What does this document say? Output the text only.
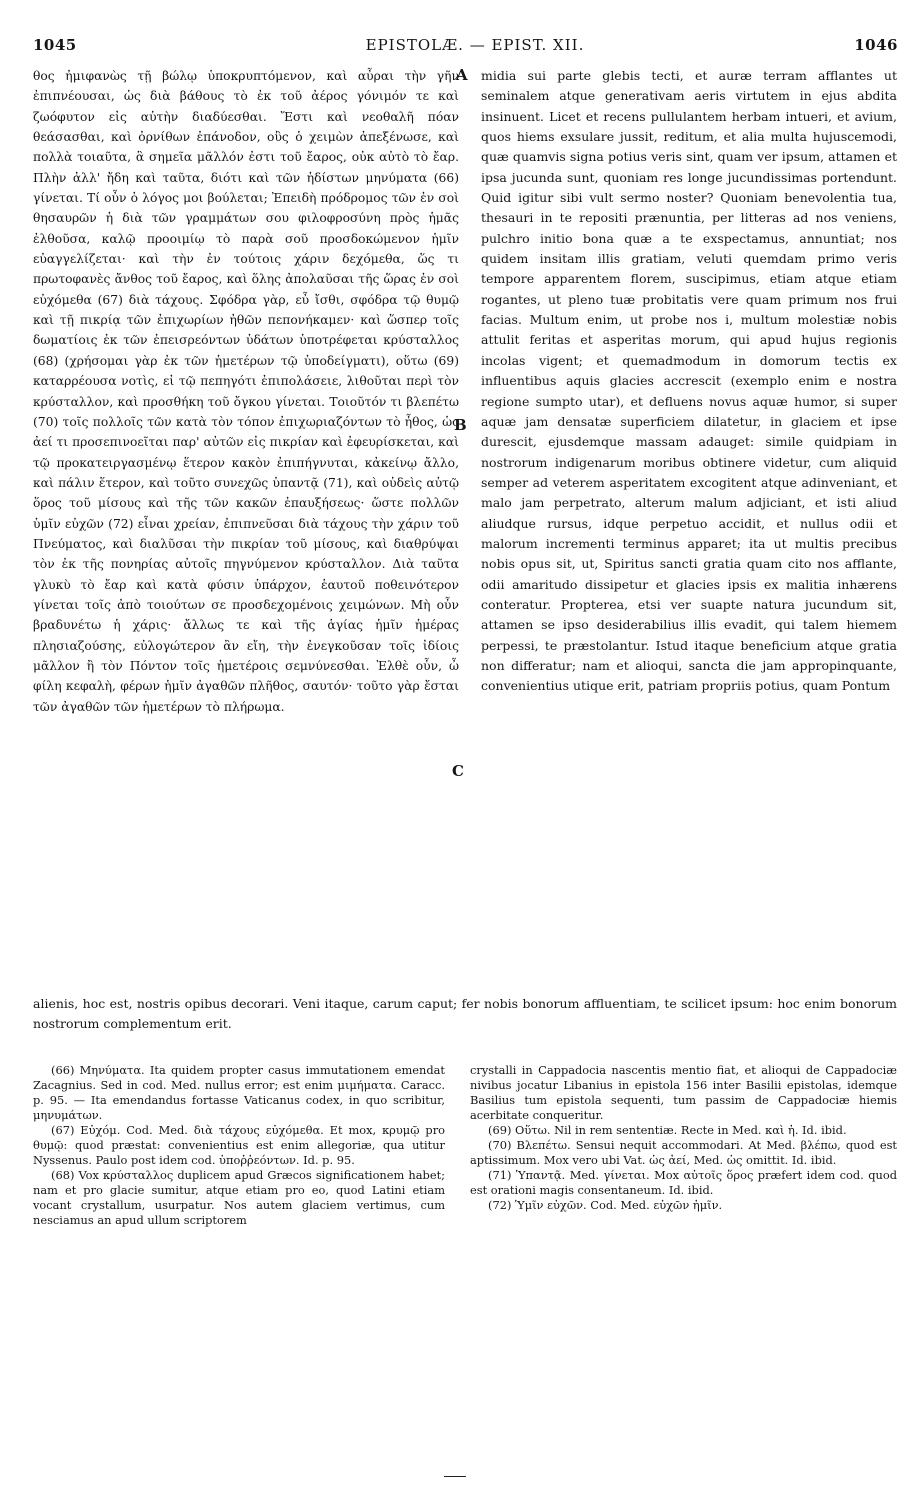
1045	EPISTOLÆ. — EPIST. XII.	1046

θος ἠμιφανὼς τῇ βώλῳ ὑποκρυπτόμενον, καὶ αὖραι τὴν γῆν ἐπιπνέουσαι, ὡς διὰ βάθους τὸ ἐκ τοῦ ἀέρος γόνιμόν τε καὶ ζωόφυτον εἰς αὐτὴν διαδύεσθαι. Ἔστι καὶ νεοθαλῆ πόαν θεάσασθαι, καὶ ὀρνίθων ἐπάνοδον, οὓς ὁ χειμὼν ἀπεξένωσε, καὶ πολλὰ τοιαῦτα, ἃ σημεῖα μᾶλλόν ἐστι τοῦ ἔαρος, οὐκ αὐτὸ τὸ ἔαρ. Πλὴν ἀλλ' ἤδη καὶ ταῦτα, διότι καὶ τῶν ἡδίστων μηνύματα (66) γίνεται. Τί οὖν ὁ λόγος μοι βούλεται; Ἐπειδὴ πρόδρομος τῶν ἐν σοὶ θησαυρῶν ἡ διὰ τῶν γραμμάτων σου φιλοφροσύνη πρὸς ἡμᾶς ἐλθοῦσα, καλῷ προοιμίῳ τὸ παρὰ σοῦ προσδοκώμενον ἡμῖν εὐαγγελίζεται· καὶ τὴν ἐν τούτοις χάριν δεχόμεθα, ὥς τι πρωτοφανὲς ἄνθος τοῦ ἔαρος, καὶ ὅλης ἀπολαῦσαι τῆς ὥρας ἐν σοὶ εὐχόμεθα (67) διὰ τάχους. Σφόδρα γὰρ, εὖ ἴσθι, σφόδρα τῷ θυμῷ καὶ τῇ πικρίᾳ τῶν ἐπιχωρίων ἠθῶν πεπονήκαμεν· καὶ ὥσπερ τοῖς δωματίοις ἐκ τῶν ἐπεισρεόντων ὑδάτων ὑποτρέφεται κρύσταλλος (68) (χρήσομαι γὰρ ἐκ τῶν ἡμετέρων τῷ ὑποδείγματι), οὕτω (69) καταρρέουσα νοτὶς, εἰ τῷ πεπηγότι ἐπιπολάσειε, λιθοῦται περὶ τὸν κρύσταλλον, καὶ προσθήκη τοῦ ὄγκου γίνεται. Τοιοῦτόν τι βλεπέτω (70) τοῖς πολλοῖς τῶν κατὰ τὸν τόπον ἐπιχωριαζόντων τὸ ἦθος, ὡς ἀεί τι προσεπινοεῖται παρ' αὐτῶν εἰς πικρίαν καὶ ἐφευρίσκεται, καὶ τῷ προκατειργασμένῳ ἕτερον κακὸν ἐπιπήγνυται, κἀκείνῳ ἄλλο, καὶ πάλιν ἕτερον, καὶ τοῦτο συνεχῶς ὑπαντᾷ (71), καὶ οὐδεὶς αὐτῷ ὅρος τοῦ μίσους καὶ τῆς τῶν κακῶν ἐπαυξήσεως· ὥστε πολλῶν ὑμῖν εὐχῶν (72) εἶναι χρείαν, ἐπιπνεῦσαι διὰ τάχους τὴν χάριν τοῦ Πνεύματος, καὶ διαλῦσαι τὴν πικρίαν τοῦ μίσους, καὶ διαθρύψαι τὸν ἐκ τῆς πονηρίας αὐτοῖς πηγνύμενον κρύσταλλον. Διὰ ταῦτα γλυκὺ τὸ ἔαρ καὶ κατὰ φύσιν ὑπάρχον, ἑαυτοῦ ποθεινότερον γίνεται τοῖς ἀπὸ τοιούτων σε προσδεχομένοις χειμώνων. Μὴ οὖν βραδυνέτω ἡ χάρις· ἄλλως τε καὶ τῆς ἁγίας ἡμῖν ἡμέρας πλησιαζούσης, εὐλογώτερον ἂν εἴη, τὴν ἐνεγκοῦσαν τοῖς ἰδίοις μᾶλλον ἢ τὸν Πόντον τοῖς ἡμετέροις σεμνύνεσθαι. Ἐλθὲ οὖν, ὦ φίλη κεφαλὴ, φέρων ἡμῖν ἀγαθῶν πλῆθος, σαυτόν· τοῦτο γὰρ ἔσται τῶν ἀγαθῶν τῶν ἡμετέρων τὸ πλήρωμα.

A
B
C

midia sui parte glebis tecti, et auræ terram afflantes ut seminalem atque generativam aeris virtutem in ejus abdita insinuent. Licet et recens pullulantem herbam intueri, et avium, quos hiems exsulare jussit, reditum, et alia multa hujuscemodi, quæ quamvis signa potius veris sint, quam ver ipsum, attamen et ipsa jucunda sunt, quoniam res longe jucundissimas portendunt. Quid igitur sibi vult sermo noster? Quoniam benevolentia tua, thesauri in te repositi prænuntia, per litteras ad nos veniens, pulchro initio bona quæ a te exspectamus, annuntiat; nos quidem insitam illis gratiam, veluti quemdam primo veris tempore apparentem florem, suscipimus, etiam atque etiam rogantes, ut pleno tuæ probitatis vere quam primum nos frui facias. Multum enim, ut probe nos i, multum molestiæ nobis attulit feritas et asperitas morum, qui apud hujus regionis incolas vigent; et quemadmodum in domorum tectis ex influentibus aquis glacies accrescit (exemplo enim e nostra regione sumpto utar), et defluens novus aquæ humor, si super aquæ jam densatæ superficiem dilatetur, in glaciem et ipse durescit, ejusdemque massam adauget: simile quidpiam in nostrorum indigenarum moribus obtinere videtur, cum aliquid semper ad veterem asperitatem excogitent atque adinveniant, et malo jam perpetrato, alterum malum adjiciant, et isti aliud aliudque rursus, idque perpetuo accidit, et nullus odii et malorum incrementi terminus apparet; ita ut multis precibus nobis opus sit, ut, Spiritus sancti gratia quam cito nos afflante, odii amaritudo dissipetur et glacies ipsis ex malitia inhærens conteratur. Propterea, etsi ver suapte natura jucundum sit, attamen se ipso desiderabilius illis evadit, qui talem hiemem perpessi, te præstolantur. Istud itaque beneficium atque gratia non differatur; nam et alioqui, sancta die jam appropinquante, convenientius utique erit, patriam propriis potius, quam Pontum

alienis, hoc est, nostris opibus decorari. Veni itaque, carum caput; fer nobis bonorum affluentiam, te scilicet ipsum: hoc enim bonorum nostrorum complementum erit.

(66) Μηνύματα. Ita quidem propter casus immutationem emendat Zacagnius. Sed in cod. Med. nullus error; est enim μιμήματα. Caracc. p. 95. — Ita emendandus fortasse Vaticanus codex, in quo scribitur, μηνυμάτων.

(67) Εὐχόμ. Cod. Med. διὰ τάχους εὐχόμεθα. Et mox, κρυμῷ pro θυμῷ: quod præstat: convenientius est enim allegoriæ, qua utitur Nyssenus. Paulo post idem cod. ὑποῤῥεόντων. Id. p. 95.

(68) Vox κρύσταλλος duplicem apud Græcos significationem habet; nam et pro glacie sumitur, atque etiam pro eo, quod Latini etiam vocant crystallum, usurpatur. Nos autem glaciem vertimus, cum nesciamus an apud ullum scriptorem

crystalli in Cappadocia nascentis mentio fiat, et alioqui de Cappadociæ nivibus jocatur Libanius in epistola 156 inter Basilii epistolas, idemque Basilius tum epistola sequenti, tum passim de Cappadociæ hiemis acerbitate conqueritur.

(69) Οὕτω. Nil in rem sententiæ. Recte in Med. καὶ ἡ. Id. ibid.

(70) Βλεπέτω. Sensui nequit accommodari. At Med. βλέπω, quod est aptissimum. Mox vero ubi Vat. ὡς ἀεί, Med. ὡς omittit. Id. ibid.

(71) Ὑπαντᾷ. Med. γίνεται. Mox αὐτοῖς ὅρος præfert idem cod. quod est orationi magis consentaneum. Id. ibid.

(72) Ὑμῖν εὐχῶν. Cod. Med. εὐχῶν ἡμῖν.
